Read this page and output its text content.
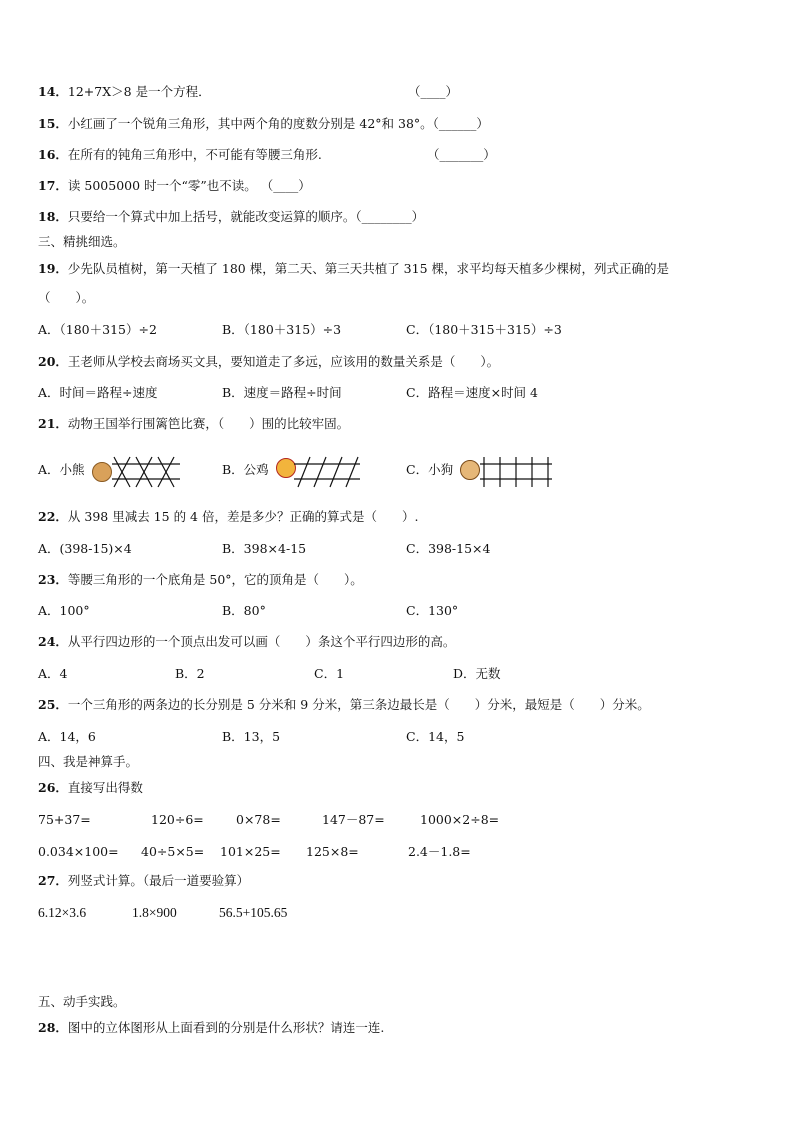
14．12+7X＞8 是一个方程．	（____）
15．小红画了一个锐角三角形，其中两个角的度数分别是 42°和 38°。（______）
16．在所有的钝角三角形中，不可能有等腰三角形.	（_______）
17．读 5005000 时一个“零”也不读。 （____）
18．只要给一个算式中加上括号，就能改变运算的顺序。（________）
三、精挑细选。
19．少先队员植树，第一天植了 180 棵，第二天、第三天共植了 315 棵，求平均每天植多少棵树，列式正确的是
（　　）。
A．（180＋315）÷2	B．（180＋315）÷3	C．（180＋315＋315）÷3
20．王老师从学校去商场买文具，要知道走了多远，应该用的数量关系是（　　）。
A．时间＝路程÷速度	B．速度＝路程÷时间	C．路程＝速度×时间 4
21．动物王国举行围篱笆比赛，（　　）围的比较牢固。
A．小熊	B．公鸡	C．小狗
22．从 398 里减去 15 的 4 倍，差是多少？正确的算式是（　　）.
A．(398-15)×4	B．398×4-15	C．398-15×4
23．等腰三角形的一个底角是 50°，它的顶角是（　　）。
A．100°	B．80°	C．130°
24．从平行四边形的一个顶点出发可以画（　　）条这个平行四边形的高。
A．4	B．2	C．1	D．无数
25．一个三角形的两条边的长分别是 5 分米和 9 分米，第三条边最长是（　　）分米，最短是（　　）分米。
A．14，6	B．13，5	C．14，5
四、我是神算手。
26．直接写出得数
75+37=	120÷6=	0×78=	147－87=	1000×2÷8=
0.034×100= 40÷5×5= 101×25= 125×8=	2.4－1.8=
27．列竖式计算。（最后一道要验算）
6.12×3.6	1.8×900	56.5+105.65
五、动手实践。
28．图中的立体图形从上面看到的分别是什么形状？请连一连.
